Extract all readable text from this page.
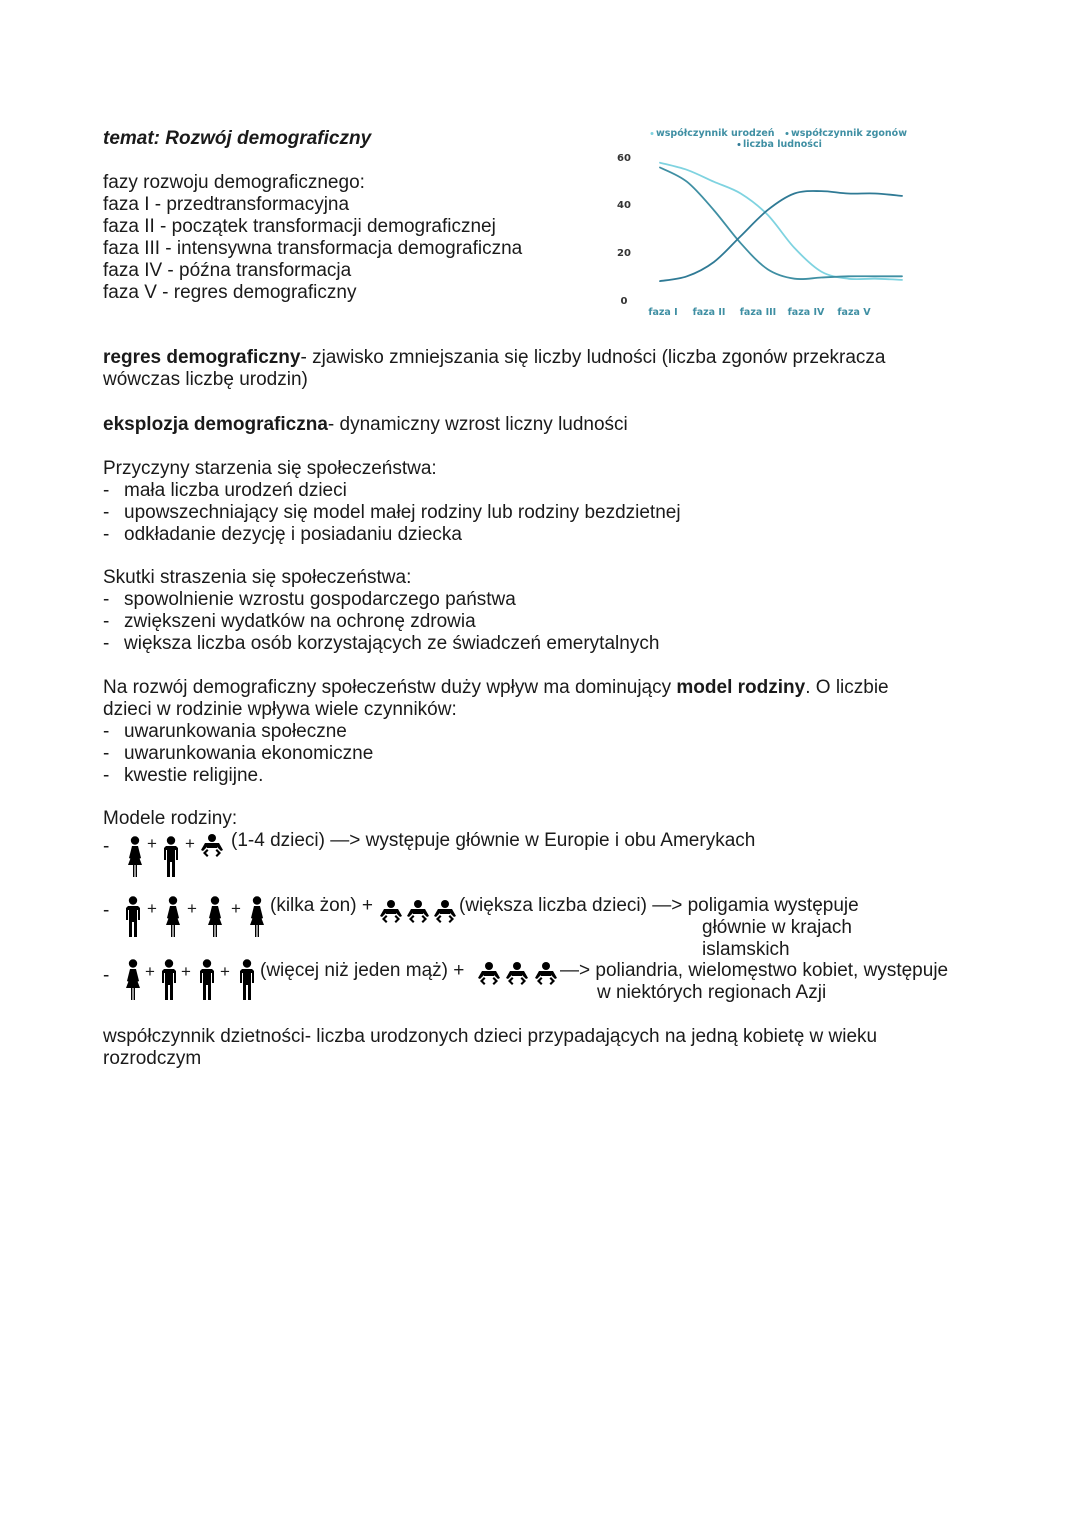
temat: Rozwój demograficzny
fazy rozwoju demograficznego:
faza I - przedtransformacyjna
faza II - początek transformacji demograficznej
faza III - intensywna transformacja demograficzna
faza IV - późna transformacja
faza V - regres demograficzny
współczynnik urodzeń współczynnik zgonów
liczba ludności
60
40
20
0
faza I faza II faza III faza IV faza V
regres demograficzny- zjawisko zmniejszania się liczby ludności (liczba zgonów przekracza
wówczas liczbę urodzin)
eksplozja demograficzna- dynamiczny wzrost liczny ludności
Przyczyny starzenia się społeczeństwa:
- mała liczba urodzeń dzieci
- upowszechniający się model małej rodziny lub rodziny bezdzietnej
- odkładanie dezycję i posiadaniu dziecka
Skutki straszenia się społeczeństwa:
- spowolnienie wzrostu gospodarczego państwa
- zwiększeni wydatków na ochronę zdrowia
- większa liczba osób korzystających ze świadczeń emerytalnych
Na rozwój demograficzny społeczeństw duży wpływ ma dominujący model rodziny. O liczbie
dzieci w rodzinie wpływa wiele czynników:
- uwarunkowania społeczne
- uwarunkowania ekonomiczne
- kwestie religijne.
Modele rodziny:
- + + (1-4 dzieci) —> występuje głównie w Europie i obu Amerykach
- + + + (kilka żon) +	(większa liczba dzieci) —> poligamia występuje
głównie w krajach
islamskich
- + + + (więcej niż jeden mąż) +	—> poliandria, wielomęstwo kobiet, występuje
w niektórych regionach Azji
współczynnik dzietności- liczba urodzonych dzieci przypadających na jedną kobietę w wieku
rozrodczym
